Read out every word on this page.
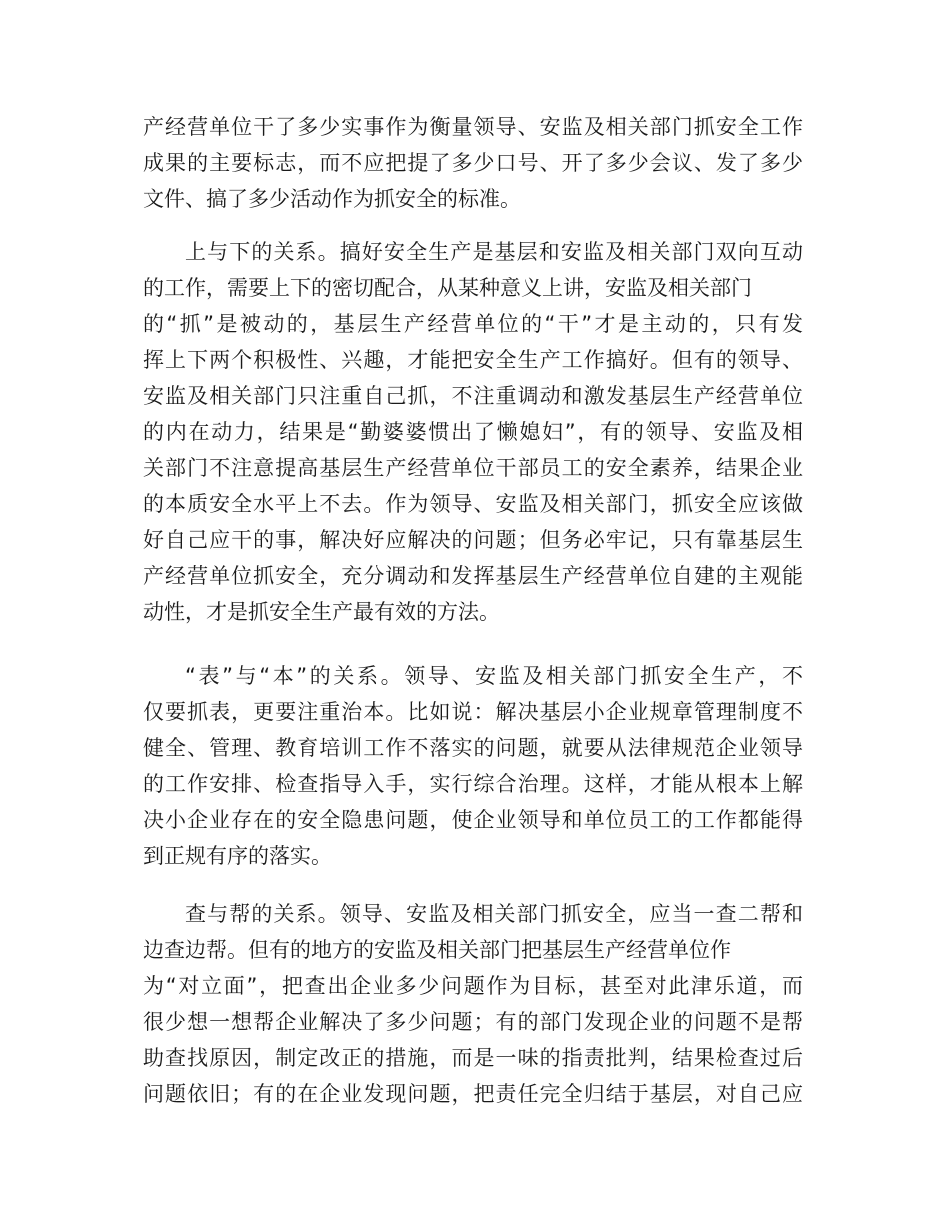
产经营单位干了多少实事作为衡量领导、安监及相关部门抓安全工作
成果的主要标志，而不应把提了多少口号、开了多少会议、发了多少
文件、搞了多少活动作为抓安全的标准。
上与下的关系。搞好安全生产是基层和安监及相关部门双向互动
的工作，需要上下的密切配合，从某种意义上讲，安监及相关部门
的“抓”是被动的，基层生产经营单位的“干”才是主动的，只有发
挥上下两个积极性、兴趣，才能把安全生产工作搞好。但有的领导、
安监及相关部门只注重自己抓，不注重调动和激发基层生产经营单位
的内在动力，结果是“勤婆婆惯出了懒媳妇”，有的领导、安监及相
关部门不注意提高基层生产经营单位干部员工的安全素养，结果企业
的本质安全水平上不去。作为领导、安监及相关部门，抓安全应该做
好自己应干的事，解决好应解决的问题；但务必牢记，只有靠基层生
产经营单位抓安全，充分调动和发挥基层生产经营单位自建的主观能
动性，才是抓安全生产最有效的方法。
“表”与“本”的关系。领导、安监及相关部门抓安全生产，不
仅要抓表，更要注重治本。比如说：解决基层小企业规章管理制度不
健全、管理、教育培训工作不落实的问题，就要从法律规范企业领导
的工作安排、检查指导入手，实行综合治理。这样，才能从根本上解
决小企业存在的安全隐患问题，使企业领导和单位员工的工作都能得
到正规有序的落实。
查与帮的关系。领导、安监及相关部门抓安全，应当一查二帮和
边查边帮。但有的地方的安监及相关部门把基层生产经营单位作
为“对立面”，把查出企业多少问题作为目标，甚至对此津乐道，而
很少想一想帮企业解决了多少问题；有的部门发现企业的问题不是帮
助查找原因，制定改正的措施，而是一味的指责批判，结果检查过后
问题依旧；有的在企业发现问题，把责任完全归结于基层，对自己应
